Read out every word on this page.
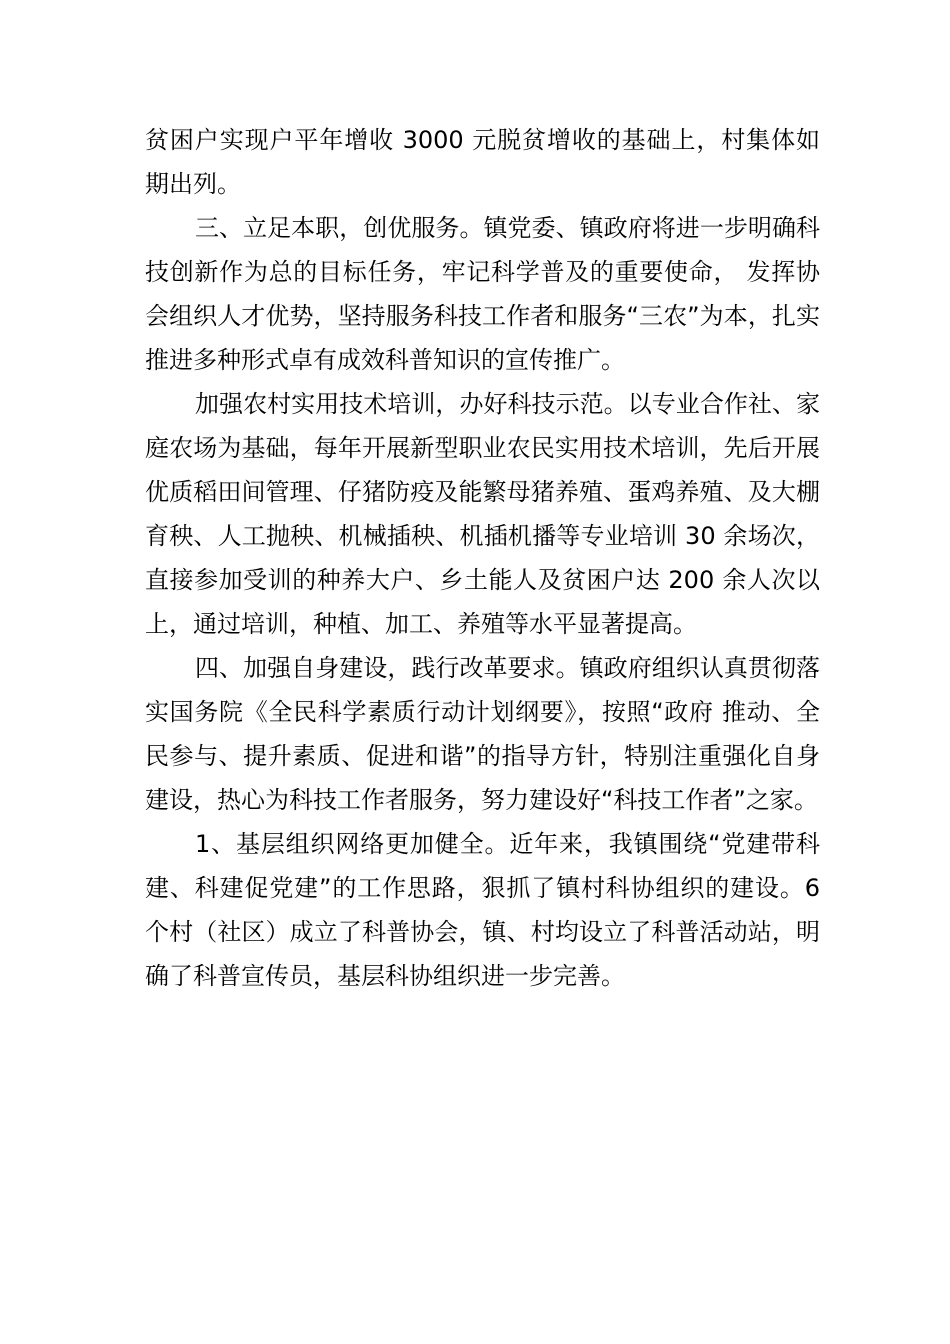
贫困户实现户平年增收 3000 元脱贫增收的基础上，村集体如期出列。

三、立足本职，创优服务。镇党委、镇政府将进一步明确科技创新作为总的目标任务，牢记科学普及的重要使命， 发挥协会组织人才优势，坚持服务科技工作者和服务“三农”为本，扎实推进多种形式卓有成效科普知识的宣传推广。

加强农村实用技术培训，办好科技示范。以专业合作社、家庭农场为基础，每年开展新型职业农民实用技术培训，先后开展优质稻田间管理、仔猪防疫及能繁母猪养殖、蛋鸡养殖、及大棚育秧、人工抛秧、机械插秧、机插机播等专业培训 30 余场次，直接参加受训的种养大户、乡土能人及贫困户达 200 余人次以上，通过培训，种植、加工、养殖等水平显著提高。

四、加强自身建设，践行改革要求。镇政府组织认真贯彻落实国务院《全民科学素质行动计划纲要》，按照“政府 推动、全民参与、提升素质、促进和谐”的指导方针，特别注重强化自身建设，热心为科技工作者服务，努力建设好“科技工作者”之家。

1、基层组织网络更加健全。近年来，我镇围绕“党建带科建、科建促党建”的工作思路，狠抓了镇村科协组织的建设。6 个村（社区）成立了科普协会，镇、村均设立了科普活动站，明确了科普宣传员，基层科协组织进一步完善。
